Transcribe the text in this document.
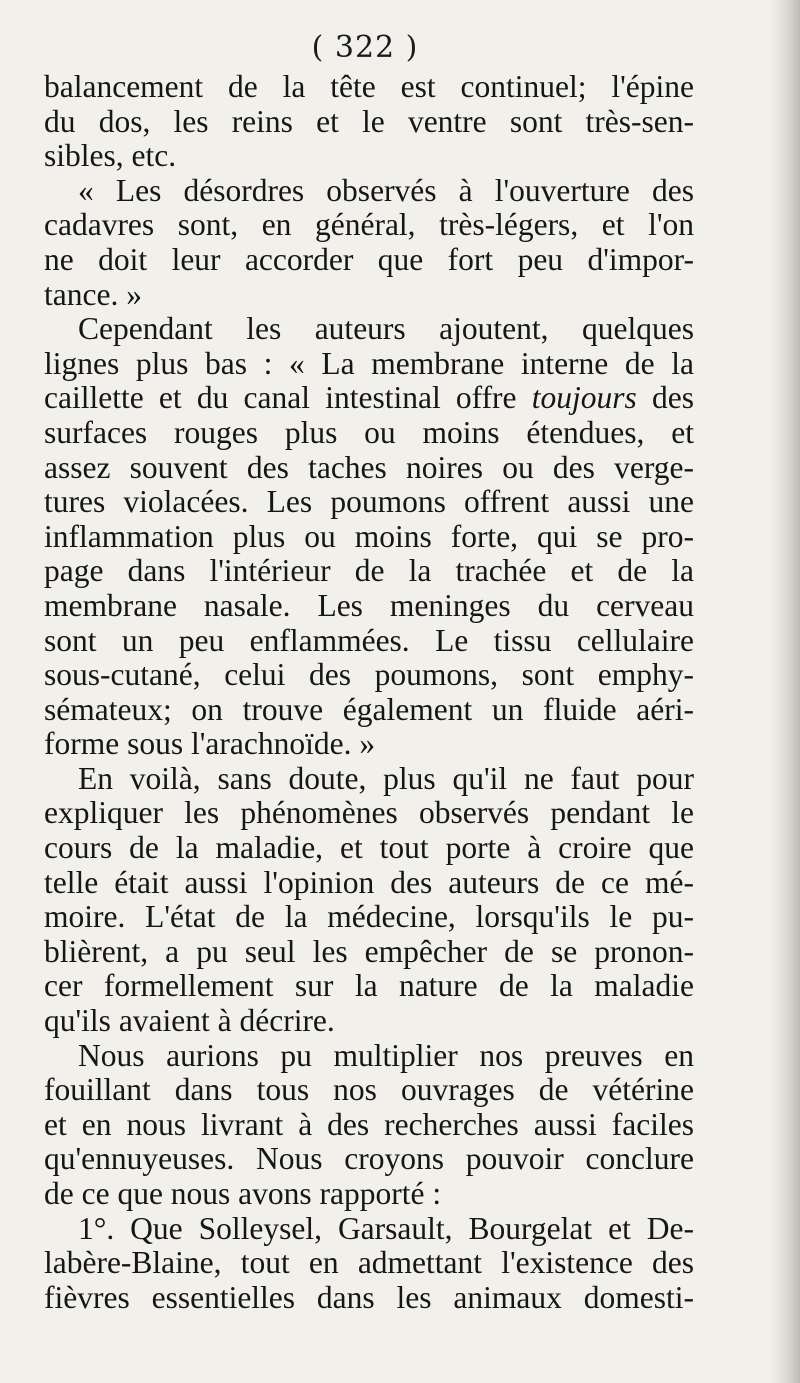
( 322 )
balancement de la tête est continuel; l'épine
du dos, les reins et le ventre sont très-sen-
sibles, etc.
« Les désordres observés à l'ouverture des
cadavres sont, en général, très-légers, et l'on
ne doit leur accorder que fort peu d'impor-
tance. »
Cependant les auteurs ajoutent, quelques
lignes plus bas : « La membrane interne de la
caillette et du canal intestinal offre toujours des
surfaces rouges plus ou moins étendues, et
assez souvent des taches noires ou des verge-
tures violacées. Les poumons offrent aussi une
inflammation plus ou moins forte, qui se pro-
page dans l'intérieur de la trachée et de la
membrane nasale. Les meninges du cerveau
sont un peu enflammées. Le tissu cellulaire
sous-cutané, celui des poumons, sont emphy-
sémateux; on trouve également un fluide aéri-
forme sous l'arachnoïde. »
En voilà, sans doute, plus qu'il ne faut pour
expliquer les phénomènes observés pendant le
cours de la maladie, et tout porte à croire que
telle était aussi l'opinion des auteurs de ce mé-
moire. L'état de la médecine, lorsqu'ils le pu-
blièrent, a pu seul les empêcher de se pronon-
cer formellement sur la nature de la maladie
qu'ils avaient à décrire.
Nous aurions pu multiplier nos preuves en
fouillant dans tous nos ouvrages de vétérine
et en nous livrant à des recherches aussi faciles
qu'ennuyeuses. Nous croyons pouvoir conclure
de ce que nous avons rapporté :
1°. Que Solleysel, Garsault, Bourgelat et De-
labère-Blaine, tout en admettant l'existence des
fièvres essentielles dans les animaux domesti-
